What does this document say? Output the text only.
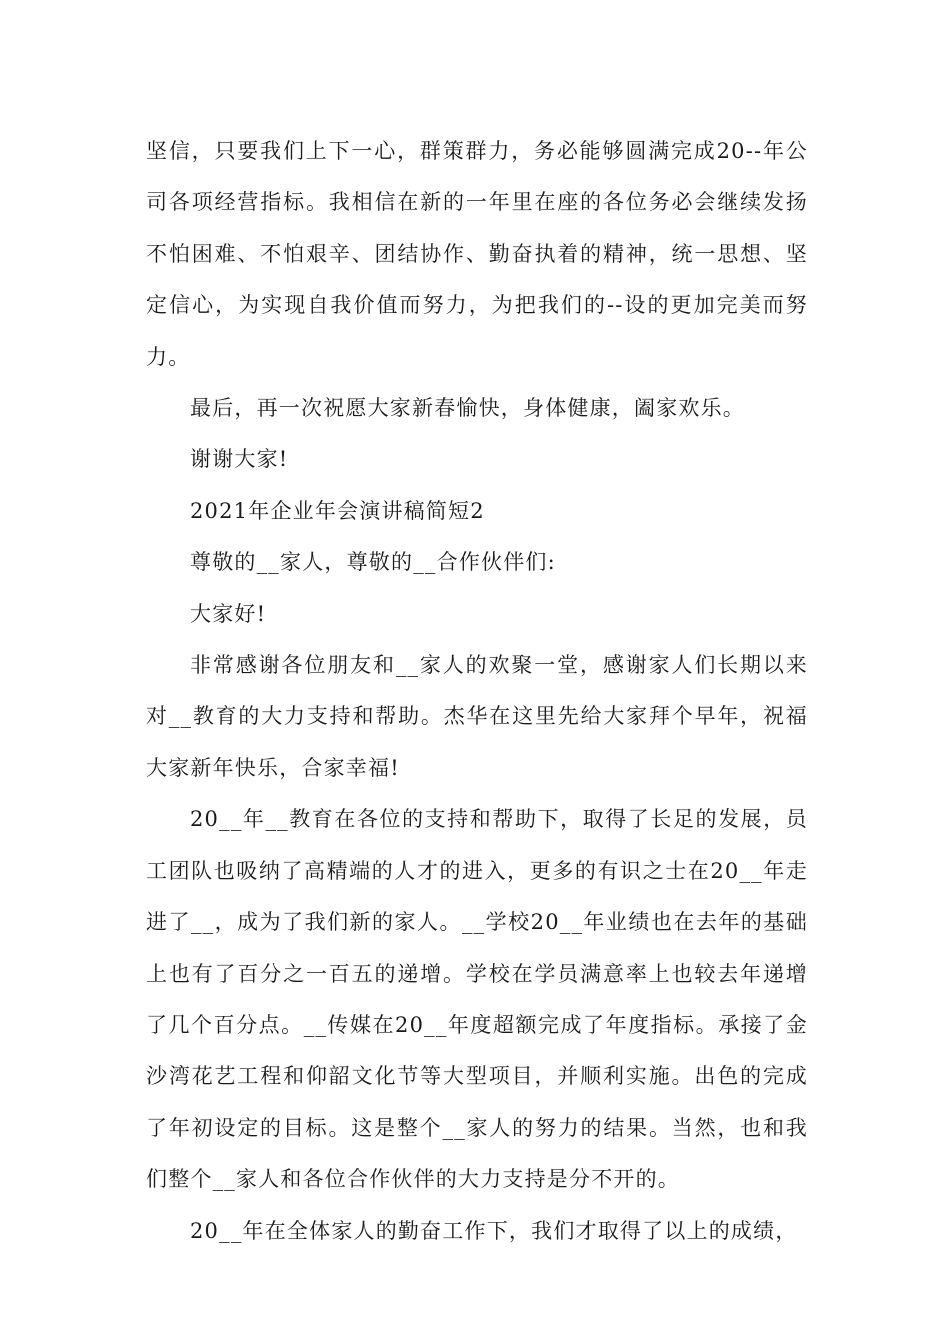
坚信，只要我们上下一心，群策群力，务必能够圆满完成20--年公司各项经营指标。我相信在新的一年里在座的各位务必会继续发扬不怕困难、不怕艰辛、团结协作、勤奋执着的精神，统一思想、坚定信心，为实现自我价值而努力，为把我们的--设的更加完美而努力。

最后，再一次祝愿大家新春愉快，身体健康，阖家欢乐。

谢谢大家!

2021年企业年会演讲稿简短2

尊敬的__家人，尊敬的__合作伙伴们:

大家好!

非常感谢各位朋友和__家人的欢聚一堂，感谢家人们长期以来对__教育的大力支持和帮助。杰华在这里先给大家拜个早年，祝福大家新年快乐，合家幸福!

20__年__教育在各位的支持和帮助下，取得了长足的发展，员工团队也吸纳了高精端的人才的进入，更多的有识之士在20__年走进了__，成为了我们新的家人。__学校20__年业绩也在去年的基础上也有了百分之一百五的递增。学校在学员满意率上也较去年递增了几个百分点。__传媒在20__年度超额完成了年度指标。承接了金沙湾花艺工程和仰韶文化节等大型项目，并顺利实施。出色的完成了年初设定的目标。这是整个__家人的努力的结果。当然，也和我们整个__家人和各位合作伙伴的大力支持是分不开的。

20__年在全体家人的勤奋工作下，我们才取得了以上的成绩，
